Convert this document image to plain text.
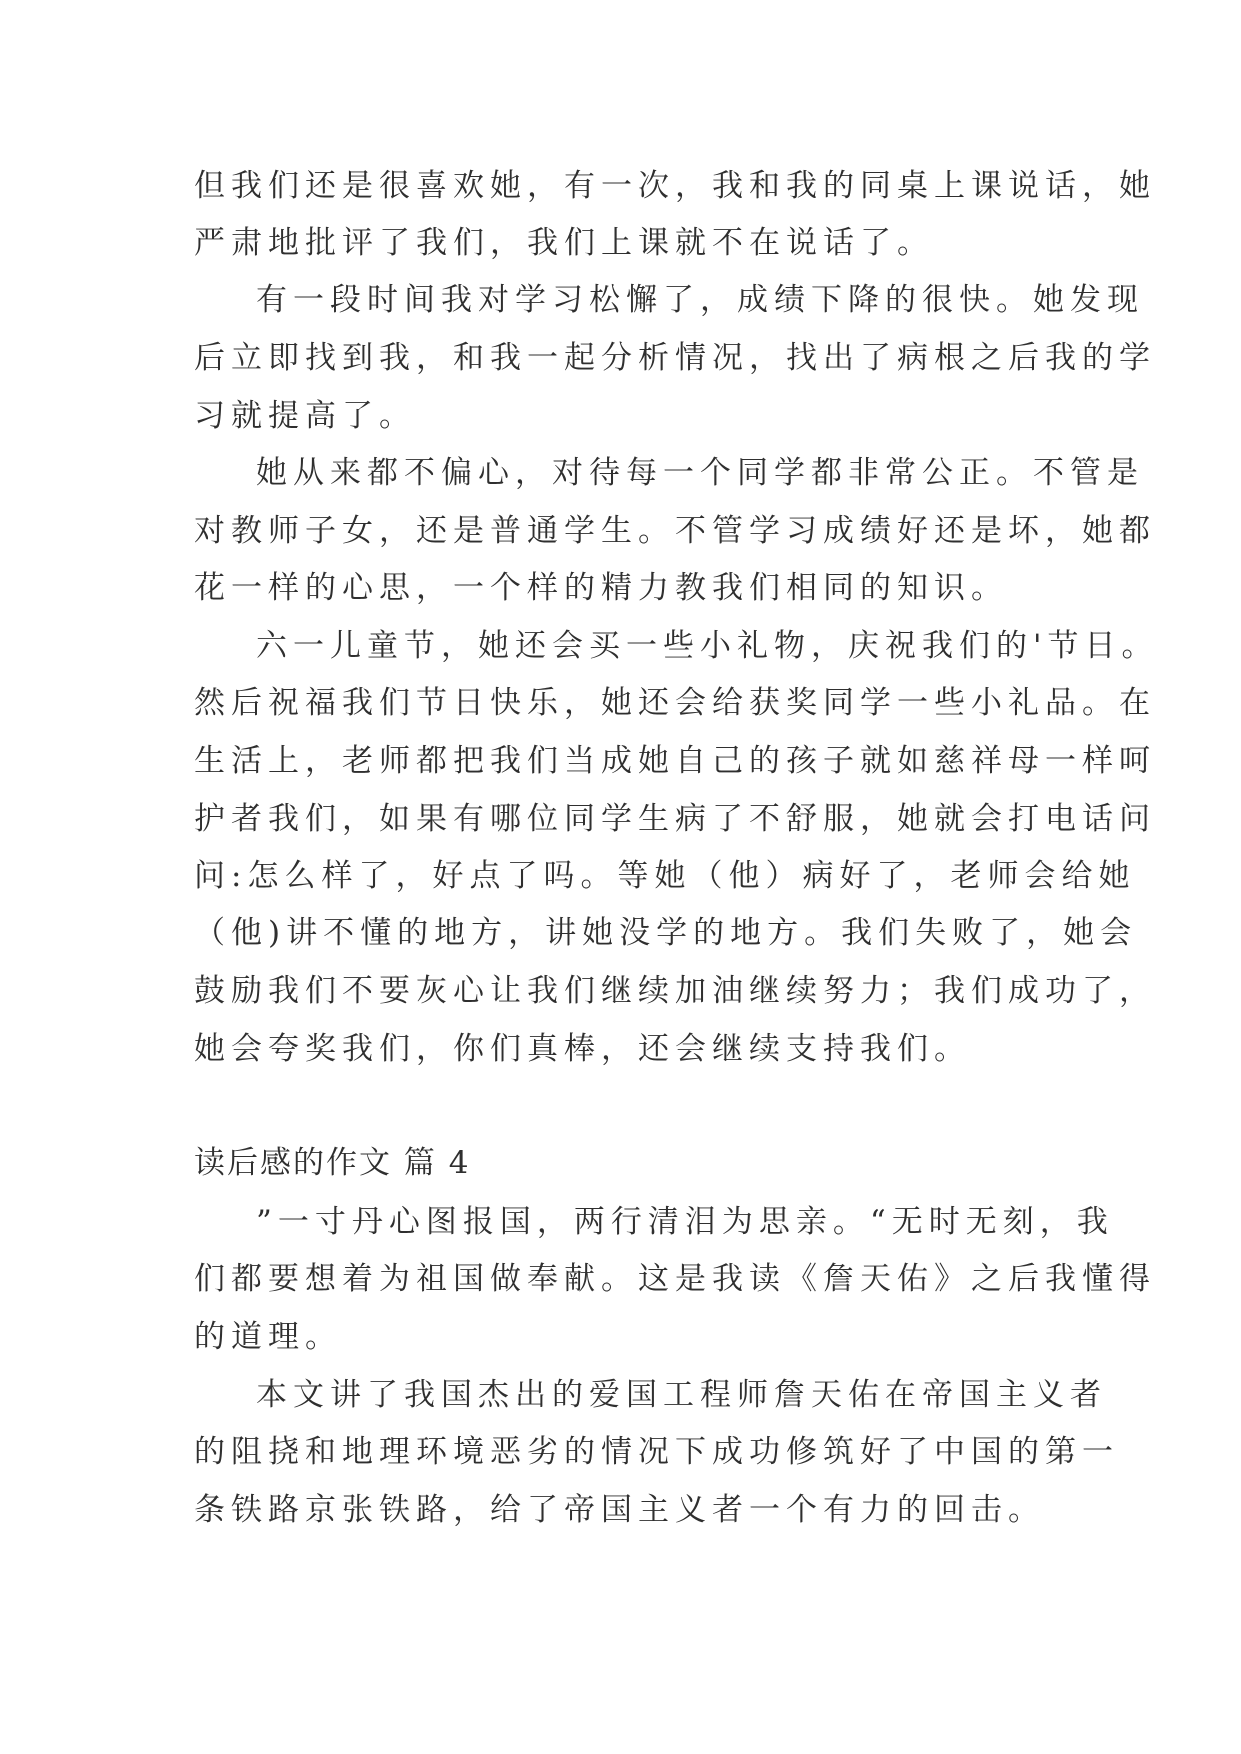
但我们还是很喜欢她，有一次，我和我的同桌上课说话，她
严肃地批评了我们，我们上课就不在说话了。
有一段时间我对学习松懈了，成绩下降的很快。她发现
后立即找到我，和我一起分析情况，找出了病根之后我的学
习就提高了。
她从来都不偏心，对待每一个同学都非常公正。不管是
对教师子女，还是普通学生。不管学习成绩好还是坏，她都
花一样的心思，一个样的精力教我们相同的知识。
六一儿童节，她还会买一些小礼物，庆祝我们的'节日。
然后祝福我们节日快乐，她还会给获奖同学一些小礼品。在
生活上，老师都把我们当成她自己的孩子就如慈祥母一样呵
护者我们，如果有哪位同学生病了不舒服，她就会打电话问
问:怎么样了，好点了吗。等她（他）病好了，老师会给她
（他)讲不懂的地方，讲她没学的地方。我们失败了，她会
鼓励我们不要灰心让我们继续加油继续努力；我们成功了，
她会夸奖我们，你们真棒，还会继续支持我们。
读后感的作文 篇 4
”一寸丹心图报国，两行清泪为思亲。“无时无刻，我
们都要想着为祖国做奉献。这是我读《詹天佑》之后我懂得
的道理。
本文讲了我国杰出的爱国工程师詹天佑在帝国主义者
的阻挠和地理环境恶劣的情况下成功修筑好了中国的第一
条铁路京张铁路，给了帝国主义者一个有力的回击。
